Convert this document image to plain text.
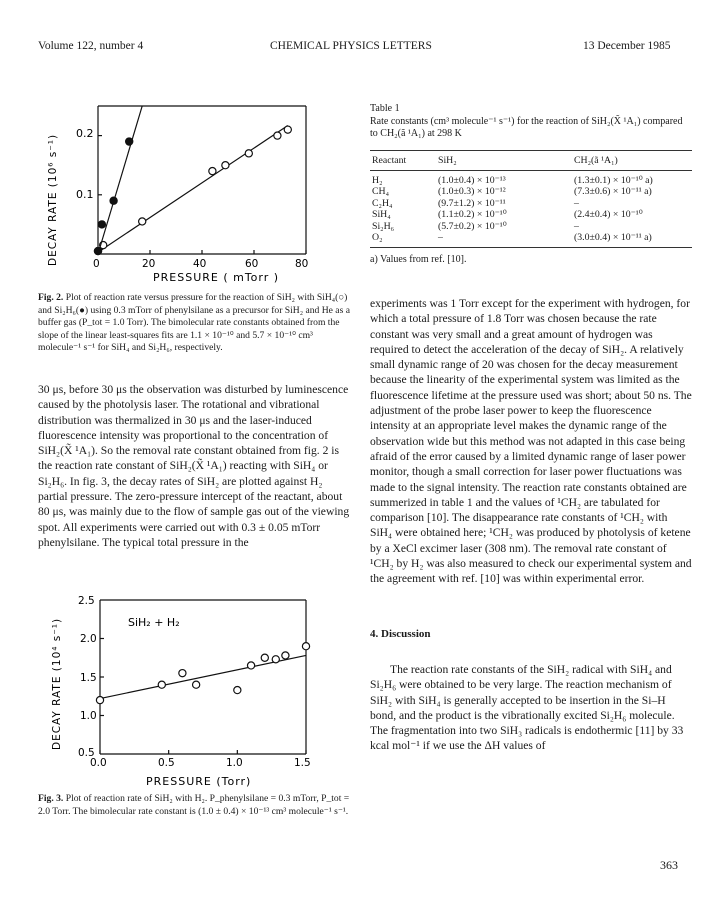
Volume 122, number 4	CHEMICAL PHYSICS LETTERS	13 December 1985
0.2
0.1
0	20	40	60	80
PRESSURE ( mTorr )
DECAY RATE (10⁶ s⁻¹)
Fig. 2. Plot of reaction rate versus pressure for the reaction of SiH₂ with SiH₄(○) and Si₂H₆(●) using 0.3 mTorr of phenylsilane as a precursor for SiH₂ and He as a buffer gas (P_tot = 1.0 Torr). The bimolecular rate constants obtained from the slope of the linear least-squares fits are 1.1 × 10⁻¹⁰ and 5.7 × 10⁻¹⁰ cm³ molecule⁻¹ s⁻¹ for SiH₄ and Si₂H₆, respectively.

30 μs, before 30 μs the observation was disturbed by luminescence caused by the photolysis laser. The rotational and vibrational distribution was thermalized in 30 μs and the laser-induced fluorescence intensity was proportional to the concentration of SiH₂(X̃ ¹A₁). So the removal rate constant obtained from fig. 2 is the reaction rate constant of SiH₂(X̃ ¹A₁) reacting with SiH₄ or Si₂H₆. In fig. 3, the decay rates of SiH₂ are plotted against H₂ partial pressure. The zero-pressure intercept of the reactant, about 80 μs, was mainly due to the flow of sample gas out of the viewing spot. All experiments were carried out with 0.3 ± 0.05 mTorr phenylsilane. The typical total pressure in the

SiH₂ + H₂
2.5
2.0
1.5
1.0
0.5
0.0	0.5	1.0	1.5
PRESSURE (Torr)
DECAY RATE (10⁴ s⁻¹)
Fig. 3. Plot of reaction rate of SiH₂ with H₂. P_phenylsilane = 0.3 mTorr, P_tot = 2.0 Torr. The bimolecular rate constant is (1.0 ± 0.4) × 10⁻¹³ cm³ molecule⁻¹ s⁻¹.
Table 1
Rate constants (cm³ molecule⁻¹ s⁻¹) for the reaction of SiH₂(X̃ ¹A₁) compared to CH₂(ã ¹A₁) at 298 K
Reactant	SiH₂	CH₂(ã ¹A₁)
H₂	(1.0±0.4) × 10⁻¹³	(1.3±0.1) × 10⁻¹⁰ a)
CH₄	(1.0±0.3) × 10⁻¹²	(7.3±0.6) × 10⁻¹¹ a)
C₂H₄	(9.7±1.2) × 10⁻¹¹	–
SiH₄	(1.1±0.2) × 10⁻¹⁰	(2.4±0.4) × 10⁻¹⁰
Si₂H₆	(5.7±0.2) × 10⁻¹⁰	–
O₂	–	(3.0±0.4) × 10⁻¹¹ a)
a) Values from ref. [10].

experiments was 1 Torr except for the experiment with hydrogen, for which a total pressure of 1.8 Torr was chosen because the rate constant was very small and a great amount of hydrogen was required to detect the acceleration of the decay of SiH₂. A relatively small dynamic range of 20 was chosen for the decay measurement because the linearity of the experimental system was limited as the fluorescence lifetime at the pressure used was short; about 50 ns. The adjustment of the probe laser power to keep the fluorescence intensity at an appropriate level makes the dynamic range of the observation wide but this method was not adapted in this case being afraid of the error caused by a limited dynamic range of laser power monitor, though a small correction for laser power fluctuations was made to the signal intensity. The reaction rate constants obtained are summerized in table 1 and the values of ¹CH₂ are tabulated for comparison [10]. The disappearance rate constants of ¹CH₂ with SiH₄ were obtained here; ¹CH₂ was produced by photolysis of ketene by a XeCl excimer laser (308 nm). The removal rate constant of ¹CH₂ by H₂ was also measured to check our experimental system and the agreement with ref. [10] was within experimental error.

4. Discussion

The reaction rate constants of the SiH₂ radical with SiH₄ and Si₂H₆ were obtained to be very large. The reaction mechanism of SiH₂ with SiH₄ is generally accepted to be insertion in the Si–H bond, and the product is the vibrationally excited Si₂H₆ molecule. The fragmentation into two SiH₃ radicals is endothermic [11] by 33 kcal mol⁻¹ if we use the ΔH values of

363
